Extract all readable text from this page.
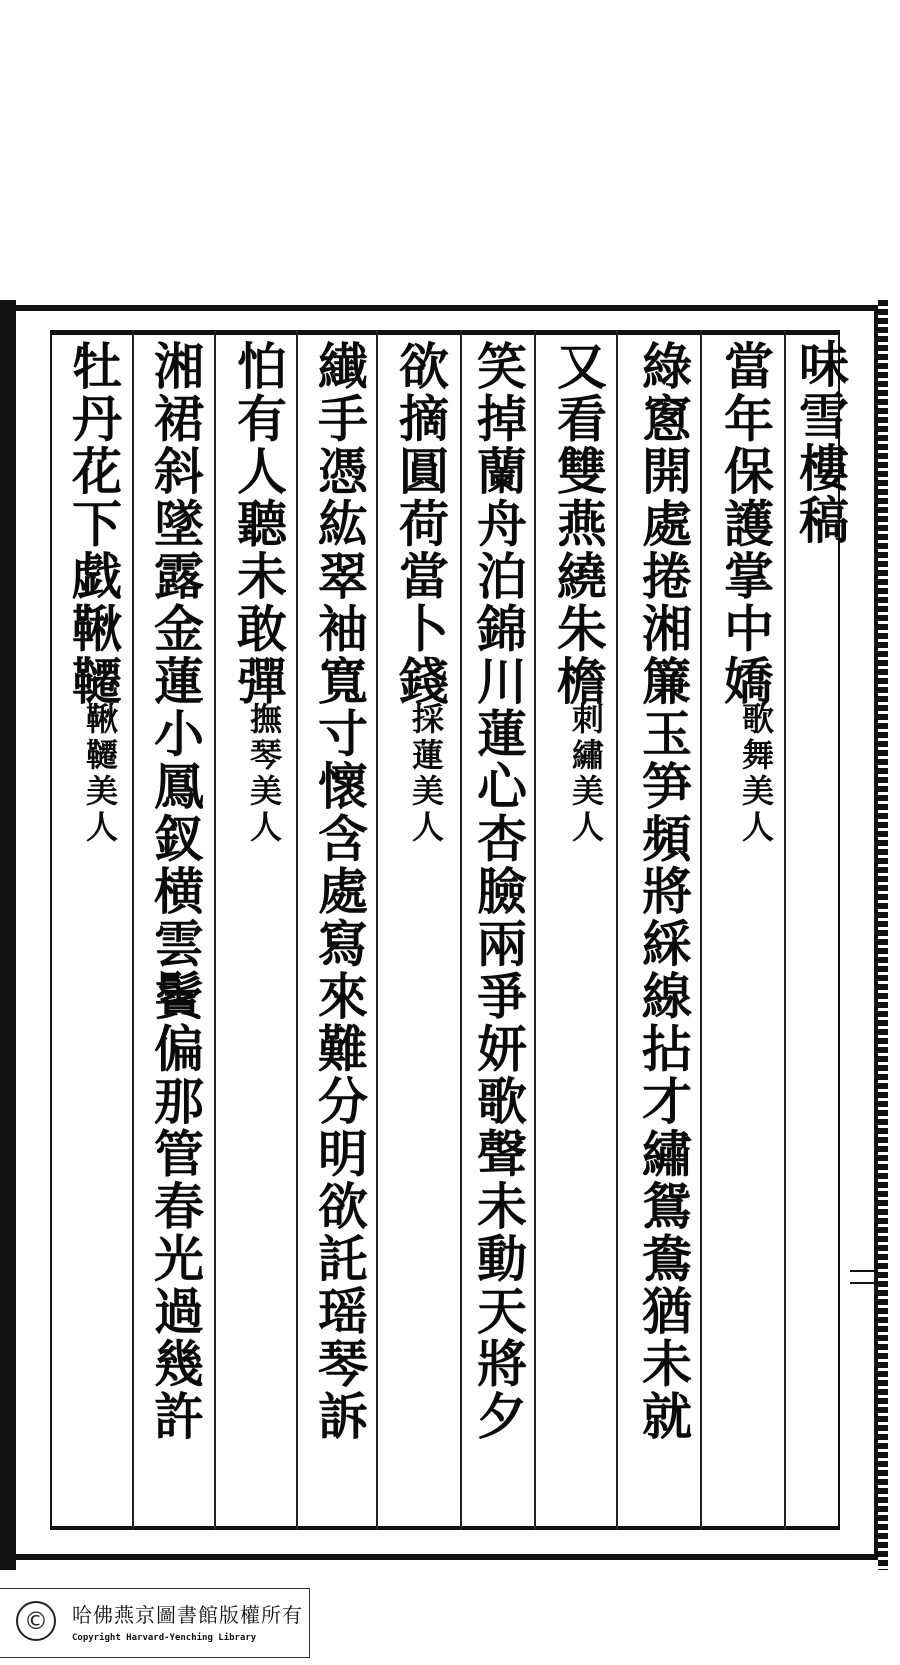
味雪樓稿
當年保護掌中嬌
歌舞美人
綠窻開處捲湘簾玉笋頻將綵線拈才繡鴛鴦猶未就
又看雙燕繞朱檐
刺繡美人
笑掉蘭舟泊錦川蓮心杏臉兩爭妍歌聲未動天將夕
欲摘圓荷當卜錢
採蓮美人
纎手憑紘翠袖寬寸懷含處寫來難分明欲託瑶琴訴
怕有人聽未敢彈
撫琴美人
湘裙斜墜露金蓮小鳳釵横雲鬢偏那管春光過幾許
牡丹花下戯鞦韆
鞦韆美人
©	哈佛燕京圖書館版權所有
Copyright Harvard-Yenching Library
